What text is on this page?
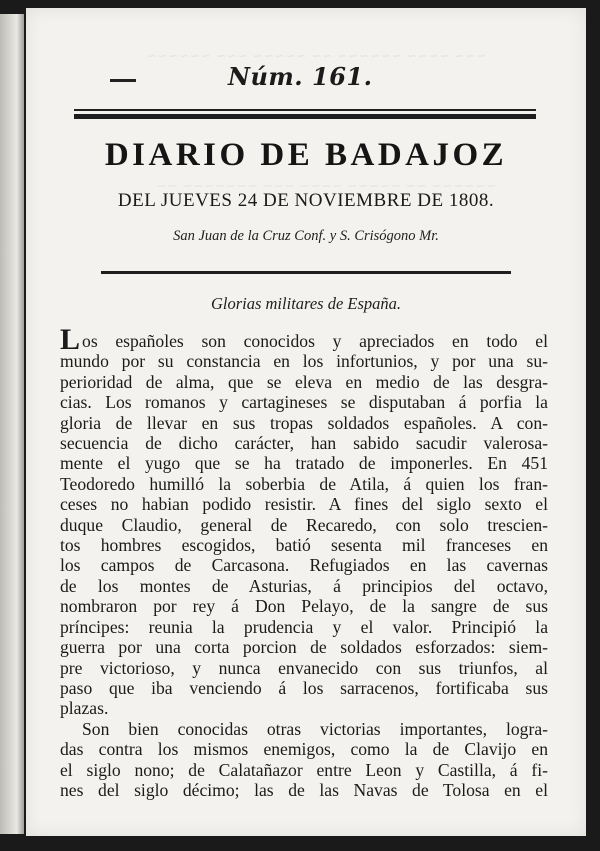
~~~ ~~~~ ~~~~~~ ~~ ~~~~~ ~~~ ~~~~~~
~~~~~~ ~~ ~~~~~ ~~~~ ~~~ ~~~~~~~ ~~
Núm. 161.
DIARIO DE BADAJOZ
DEL JUEVES 24 DE NOVIEMBRE DE 1808.
San Juan de la Cruz Conf. y S. Crisógono Mr.
Glorias militares de España.
Los españoles son conocidos y apreciados en todo el
mundo por su constancia en los infortunios, y por una su-
perioridad de alma, que se eleva en medio de las desgra-
cias. Los romanos y cartagineses se disputaban á porfia la
gloria de llevar en sus tropas soldados españoles. A con-
secuencia de dicho carácter, han sabido sacudir valerosa-
mente el yugo que se ha tratado de imponerles. En 451
Teodoredo humilló la soberbia de Atila, á quien los fran-
ceses no habian podido resistir. A fines del siglo sexto el
duque Claudio, general de Recaredo, con solo trescien-
tos hombres escogidos, batió sesenta mil franceses en
los campos de Carcasona. Refugiados en las cavernas
de los montes de Asturias, á principios del octavo,
nombraron por rey á Don Pelayo, de la sangre de sus
príncipes: reunia la prudencia y el valor. Principió la
guerra por una corta porcion de soldados esforzados: siem-
pre victorioso, y nunca envanecido con sus triunfos, al
paso que iba venciendo á los sarracenos, fortificaba sus
plazas.
Son bien conocidas otras victorias importantes, logra-
das contra los mismos enemigos, como la de Clavijo en
el siglo nono; de Calatañazor entre Leon y Castilla, á fi-
nes del siglo décimo; las de las Navas de Tolosa en el
